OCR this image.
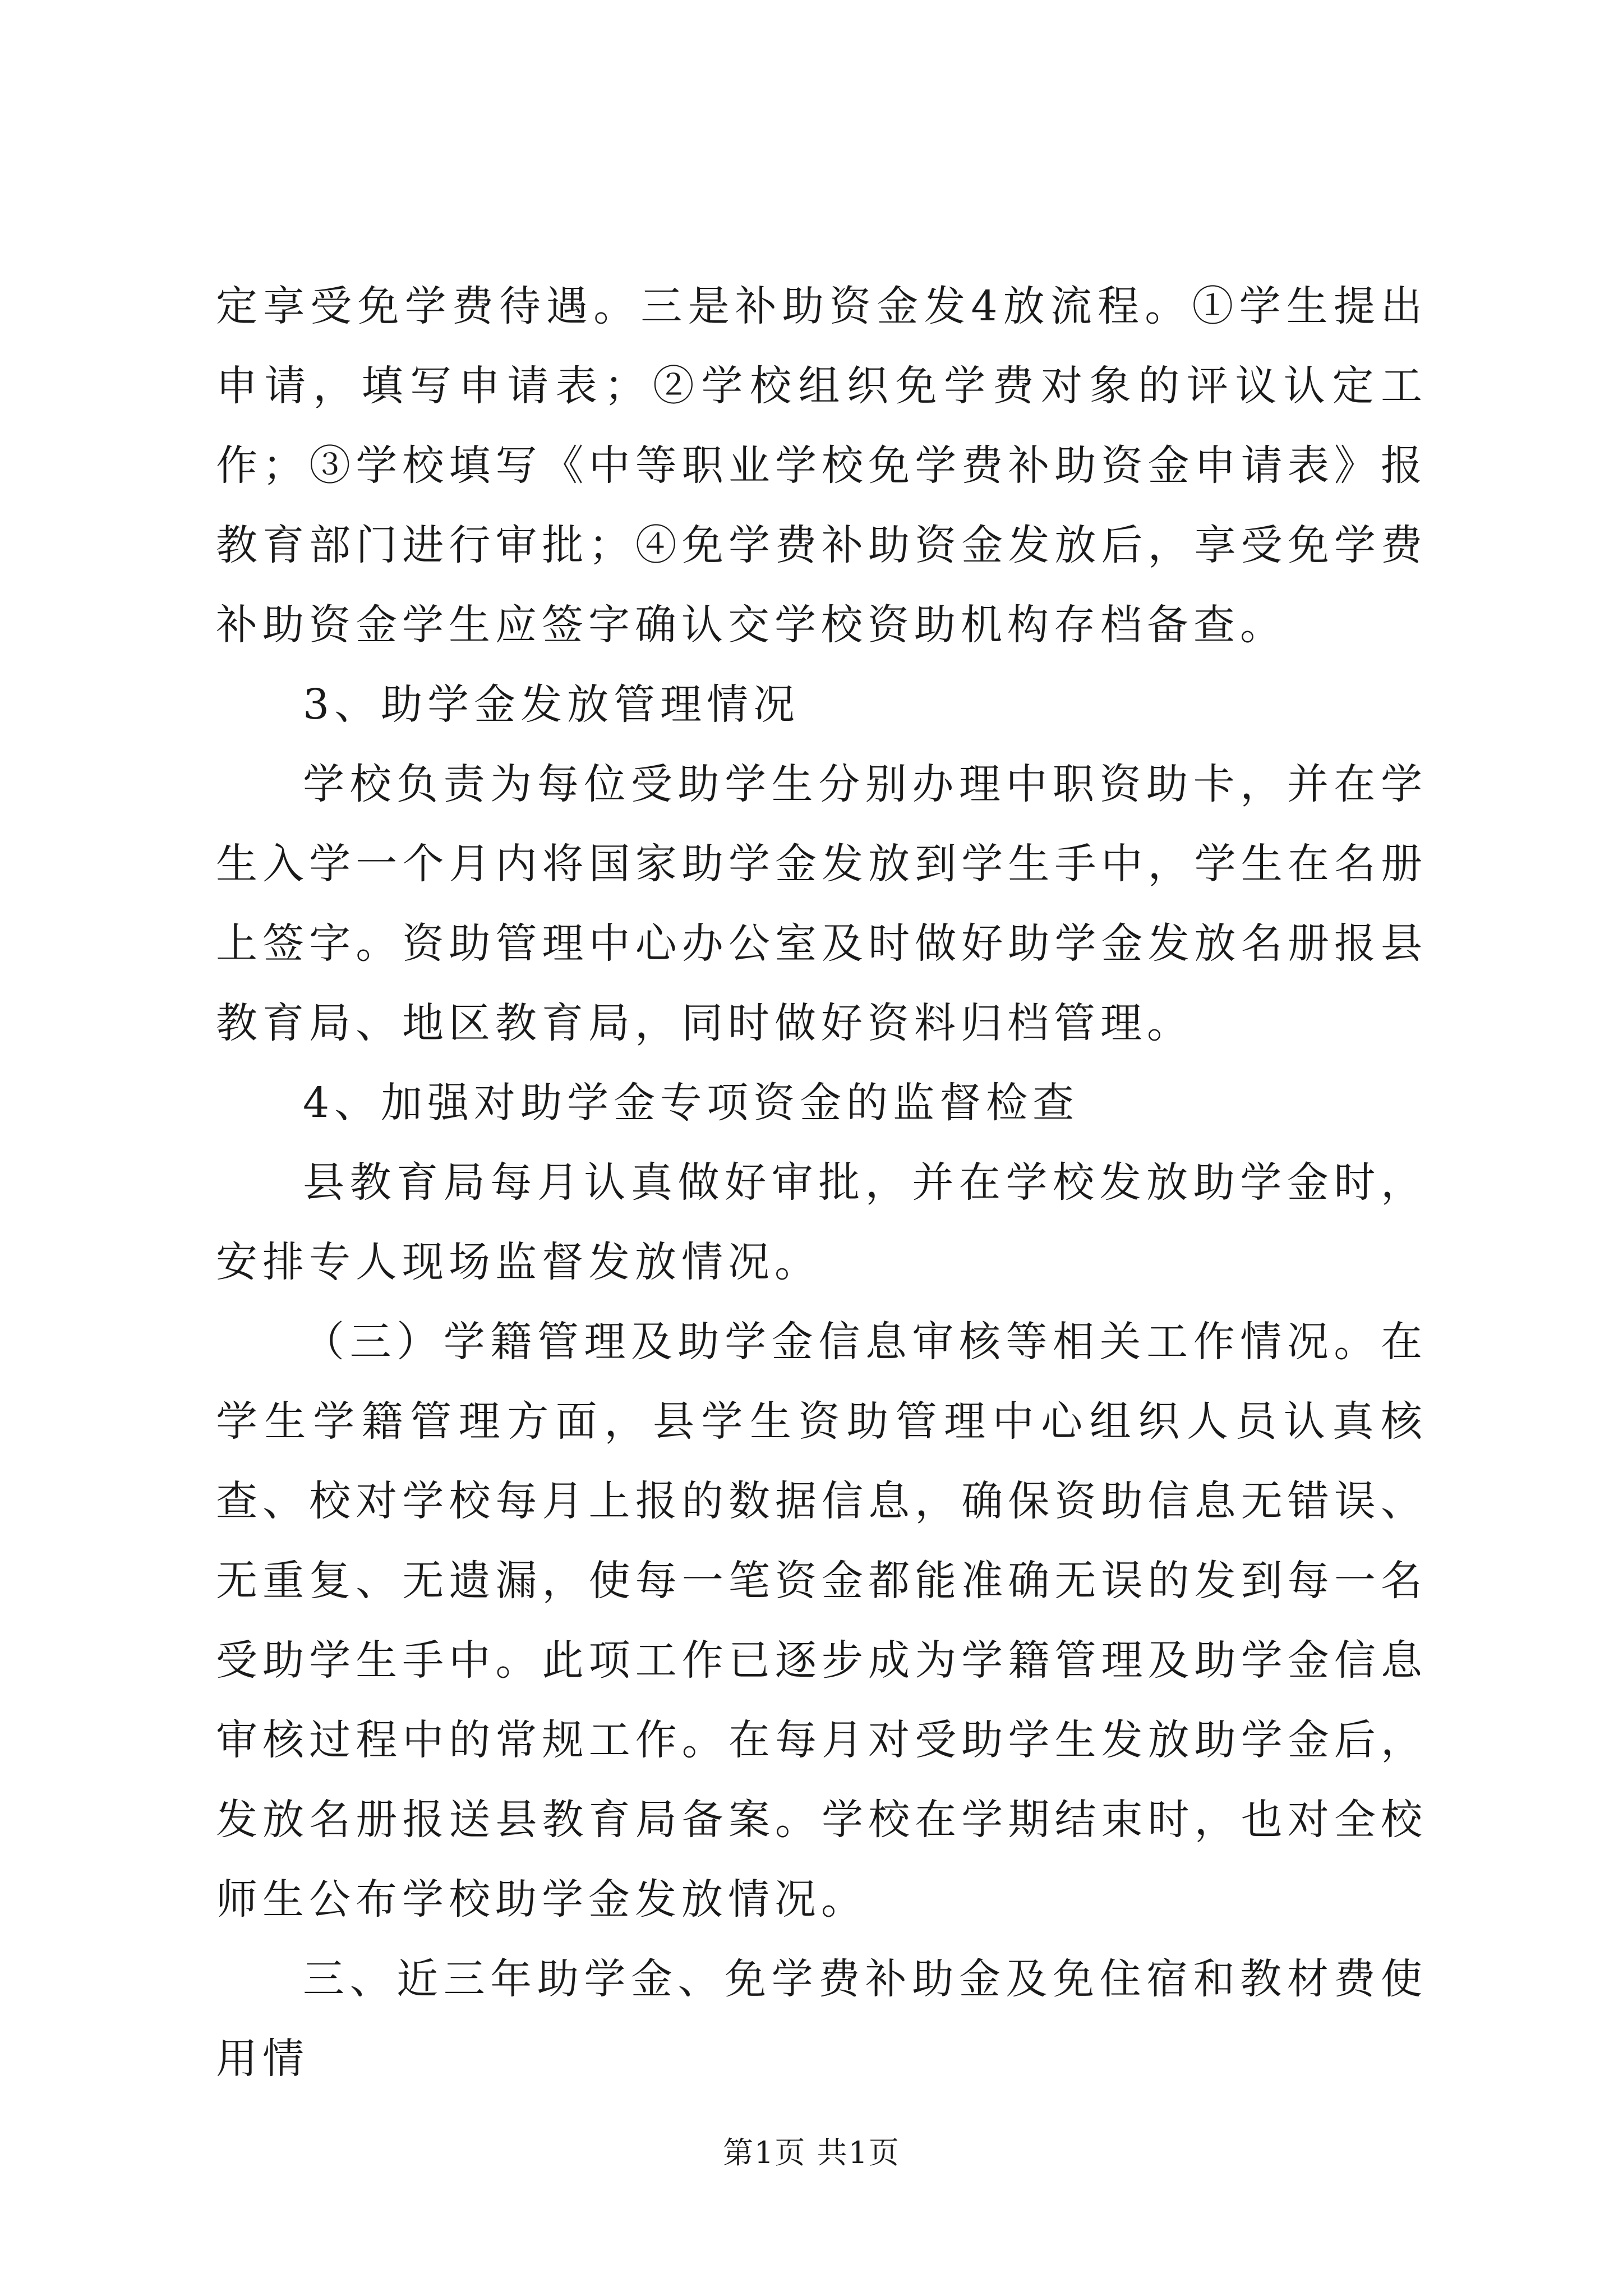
定享受免学费待遇。三是补助资金发4放流程。①学生提出申请，填写申请表；②学校组织免学费对象的评议认定工作；③学校填写《中等职业学校免学费补助资金申请表》报教育部门进行审批；④免学费补助资金发放后，享受免学费补助资金学生应签字确认交学校资助机构存档备查。

3、助学金发放管理情况

学校负责为每位受助学生分别办理中职资助卡，并在学生入学一个月内将国家助学金发放到学生手中，学生在名册上签字。资助管理中心办公室及时做好助学金发放名册报县教育局、地区教育局，同时做好资料归档管理。

4、加强对助学金专项资金的监督检查

县教育局每月认真做好审批，并在学校发放助学金时，安排专人现场监督发放情况。

（三）学籍管理及助学金信息审核等相关工作情况。在学生学籍管理方面，县学生资助管理中心组织人员认真核查、校对学校每月上报的数据信息，确保资助信息无错误、无重复、无遗漏，使每一笔资金都能准确无误的发到每一名受助学生手中。此项工作已逐步成为学籍管理及助学金信息审核过程中的常规工作。在每月对受助学生发放助学金后，发放名册报送县教育局备案。学校在学期结束时，也对全校师生公布学校助学金发放情况。

三、近三年助学金、免学费补助金及免住宿和教材费使用情

第1页 共1页
